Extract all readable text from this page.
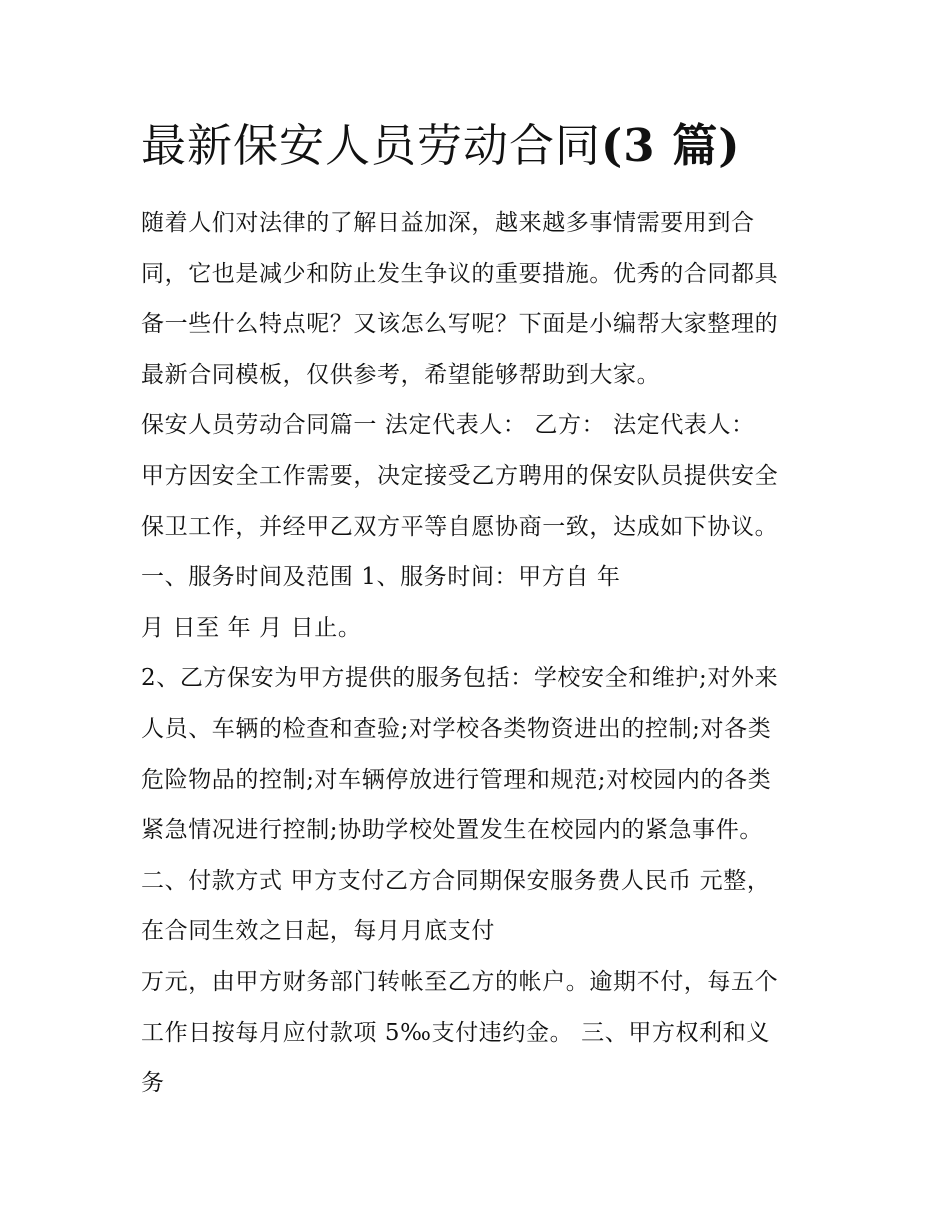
最新保安人员劳动合同(3 篇)
随着人们对法律的了解日益加深，越来越多事情需要用到合
同，它也是减少和防止发生争议的重要措施。优秀的合同都具
备一些什么特点呢？又该怎么写呢？下面是小编帮大家整理的
最新合同模板，仅供参考，希望能够帮助到大家。
保安人员劳动合同篇一 法定代表人： 乙方： 法定代表人：
甲方因安全工作需要，决定接受乙方聘用的保安队员提供安全
保卫工作，并经甲乙双方平等自愿协商一致，达成如下协议。
一、服务时间及范围 1、服务时间：甲方自 年
月 日至 年 月 日止。
2、乙方保安为甲方提供的服务包括：学校安全和维护;对外来
人员、车辆的检查和查验;对学校各类物资进出的控制;对各类
危险物品的控制;对车辆停放进行管理和规范;对校园内的各类
紧急情况进行控制;协助学校处置发生在校园内的紧急事件。
二、付款方式 甲方支付乙方合同期保安服务费人民币 元整，
在合同生效之日起，每月月底支付
万元，由甲方财务部门转帐至乙方的帐户。逾期不付，每五个
工作日按每月应付款项 5‰支付违约金。 三、甲方权利和义
务
